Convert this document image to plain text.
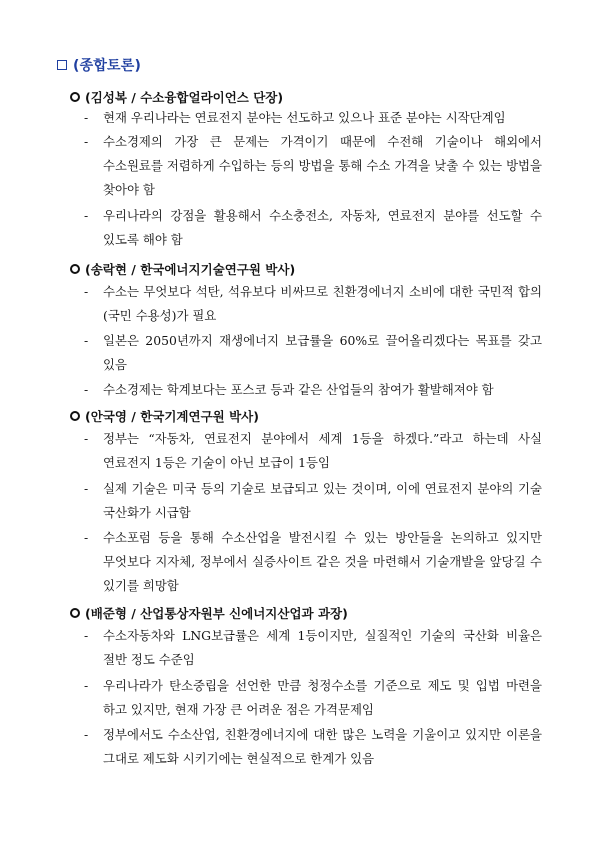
(종합토론)
(김성복 / 수소융합얼라이언스 단장)
-	현재 우리나라는 연료전지 분야는 선도하고 있으나 표준 분야는 시작단계임
-	수소경제의 가장 큰 문제는 가격이기 때문에 수전해 기술이나 해외에서 수소원료를 저렴하게 수입하는 등의 방법을 통해 수소 가격을 낮출 수 있는 방법을 찾아야 함
-	우리나라의 강점을 활용해서 수소충전소, 자동차, 연료전지 분야를 선도할 수 있도록 해야 함
(송락현 / 한국에너지기술연구원 박사)
-	수소는 무엇보다 석탄, 석유보다 비싸므로 친환경에너지 소비에 대한 국민적 합의(국민 수용성)가 필요
-	일본은 2050년까지 재생에너지 보급률을 60%로 끌어올리겠다는 목표를 갖고 있음
-	수소경제는 학계보다는 포스코 등과 같은 산업들의 참여가 활발해져야 함
(안국영 / 한국기계연구원 박사)
-	정부는 “자동차, 연료전지 분야에서 세계 1등을 하겠다.”라고 하는데 사실 연료전지 1등은 기술이 아닌 보급이 1등임
-	실제 기술은 미국 등의 기술로 보급되고 있는 것이며, 이에 연료전지 분야의 기술 국산화가 시급함
-	수소포럼 등을 통해 수소산업을 발전시킬 수 있는 방안들을 논의하고 있지만 무엇보다 지자체, 정부에서 실증사이트 같은 것을 마련해서 기술개발을 앞당길 수 있기를 희망함
(배준형 / 산업통상자원부 신에너지산업과 과장)
-	수소자동차와 LNG보급률은 세계 1등이지만, 실질적인 기술의 국산화 비율은 절반 정도 수준임
-	우리나라가 탄소중립을 선언한 만큼 청정수소를 기준으로 제도 및 입법 마련을 하고 있지만, 현재 가장 큰 어려운 점은 가격문제임
-	정부에서도 수소산업, 친환경에너지에 대한 많은 노력을 기울이고 있지만 이론을 그대로 제도화 시키기에는 현실적으로 한계가 있음
